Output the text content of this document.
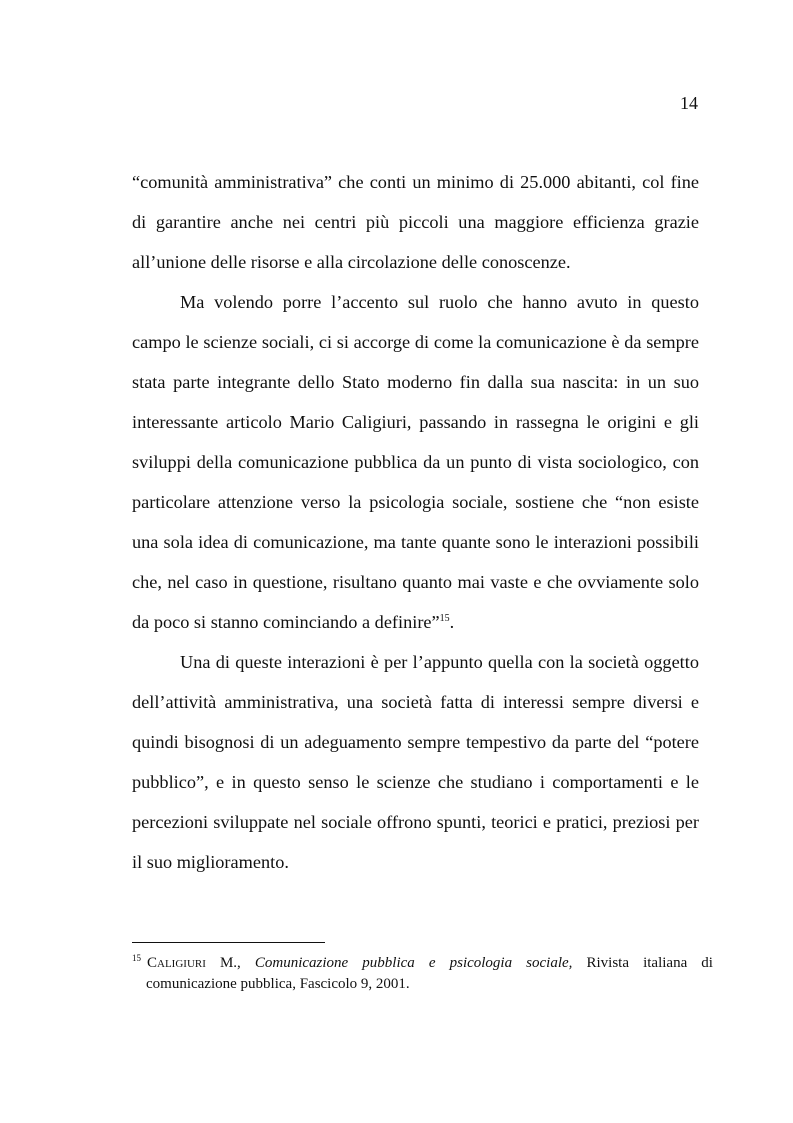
14

“comunità amministrativa” che conti un minimo di 25.000 abitanti, col fine di garantire anche nei centri più piccoli una maggiore efficienza grazie all’unione delle risorse e alla circolazione delle conoscenze.

Ma volendo porre l’accento sul ruolo che hanno avuto in questo campo le scienze sociali, ci si accorge di come la comunicazione è da sempre stata parte integrante dello Stato moderno fin dalla sua nascita: in un suo interessante articolo Mario Caligiuri, passando in rassegna le origini e gli sviluppi della comunicazione pubblica da un punto di vista sociologico, con particolare attenzione verso la psicologia sociale, sostiene che “non esiste una sola idea di comunicazione, ma tante quante sono le interazioni possibili che, nel caso in questione, risultano quanto mai vaste e che ovviamente solo da poco si stanno cominciando a definire”$^{15}$.

Una di queste interazioni è per l’appunto quella con la società oggetto dell’attività amministrativa, una società fatta di interessi sempre diversi e quindi bisognosi di un adeguamento sempre tempestivo da parte del “potere pubblico”, e in questo senso le scienze che studiano i comportamenti e le percezioni sviluppate nel sociale offrono spunti, teorici e pratici, preziosi per il suo miglioramento.

$^{15}$ Caligiuri M., Comunicazione pubblica e psicologia sociale, Rivista italiana di comunicazione pubblica, Fascicolo 9, 2001.
